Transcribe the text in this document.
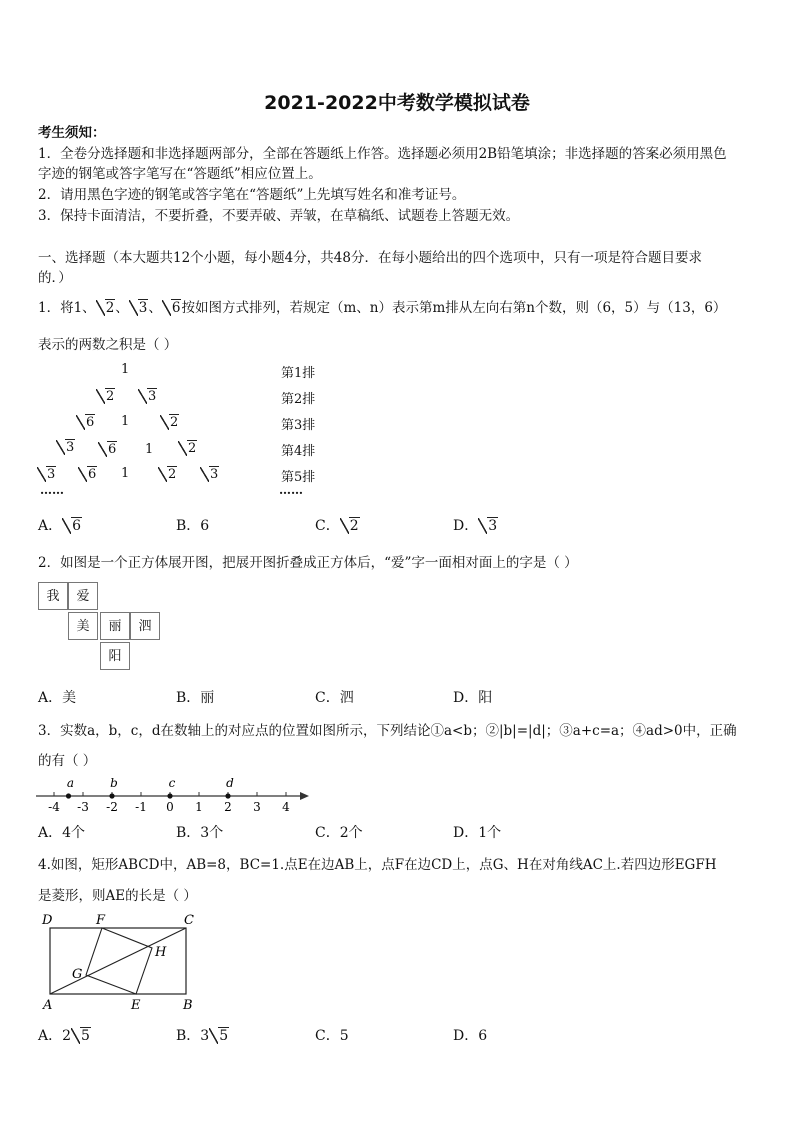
2021-2022中考数学模拟试卷
考生须知：
1．全卷分选择题和非选择题两部分，全部在答题纸上作答。选择题必须用2B铅笔填涂；非选择题的答案必须用黑色
字迹的钢笔或答字笔写在“答题纸”相应位置上。
2．请用黑色字迹的钢笔或答字笔在“答题纸”上先填写姓名和准考证号。
3．保持卡面清洁，不要折叠，不要弄破、弄皱，在草稿纸、试题卷上答题无效。
一、选择题（本大题共12个小题，每小题4分，共48分．在每小题给出的四个选项中，只有一项是符合题目要求
的．）
1．将1、 2、 3、 6按如图方式排列，若规定（m、n）表示第m排从左向右第n个数，则（6，5）与（13，6）
表示的两数之积是（ ）
1
2	3
6 1	2
3	6 1	2
3	6 1	2	3
……
第1排
第2排
第3排
第4排
第5排
……
A． 6	B．6	C． 2	D． 3
2．如图是一个正方体展开图，把展开图折叠成正方体后，“爱”字一面相对面上的字是（ ）
我	爱
美	丽	泗
阳
A．美	B．丽	C．泗	D．阳
3．实数a，b，c，d在数轴上的对应点的位置如图所示，下列结论①a<b；②|b|=|d|；③a+c=a；④ad>0中，正确
的有（ ）
-4 -3 -2 -1 0 1 2 3 4
a	b	c	d
A．4个	B．3个	C．2个	D．1个
4.如图，矩形ABCD中，AB=8，BC=1.点E在边AB上，点F在边CD上，点G、H在对角线AC上.若四边形EGFH
是菱形，则AE的长是（ ）
D	F	C
H
G
A	E	B
A．2 5	B．3 5	C．5	D．6
